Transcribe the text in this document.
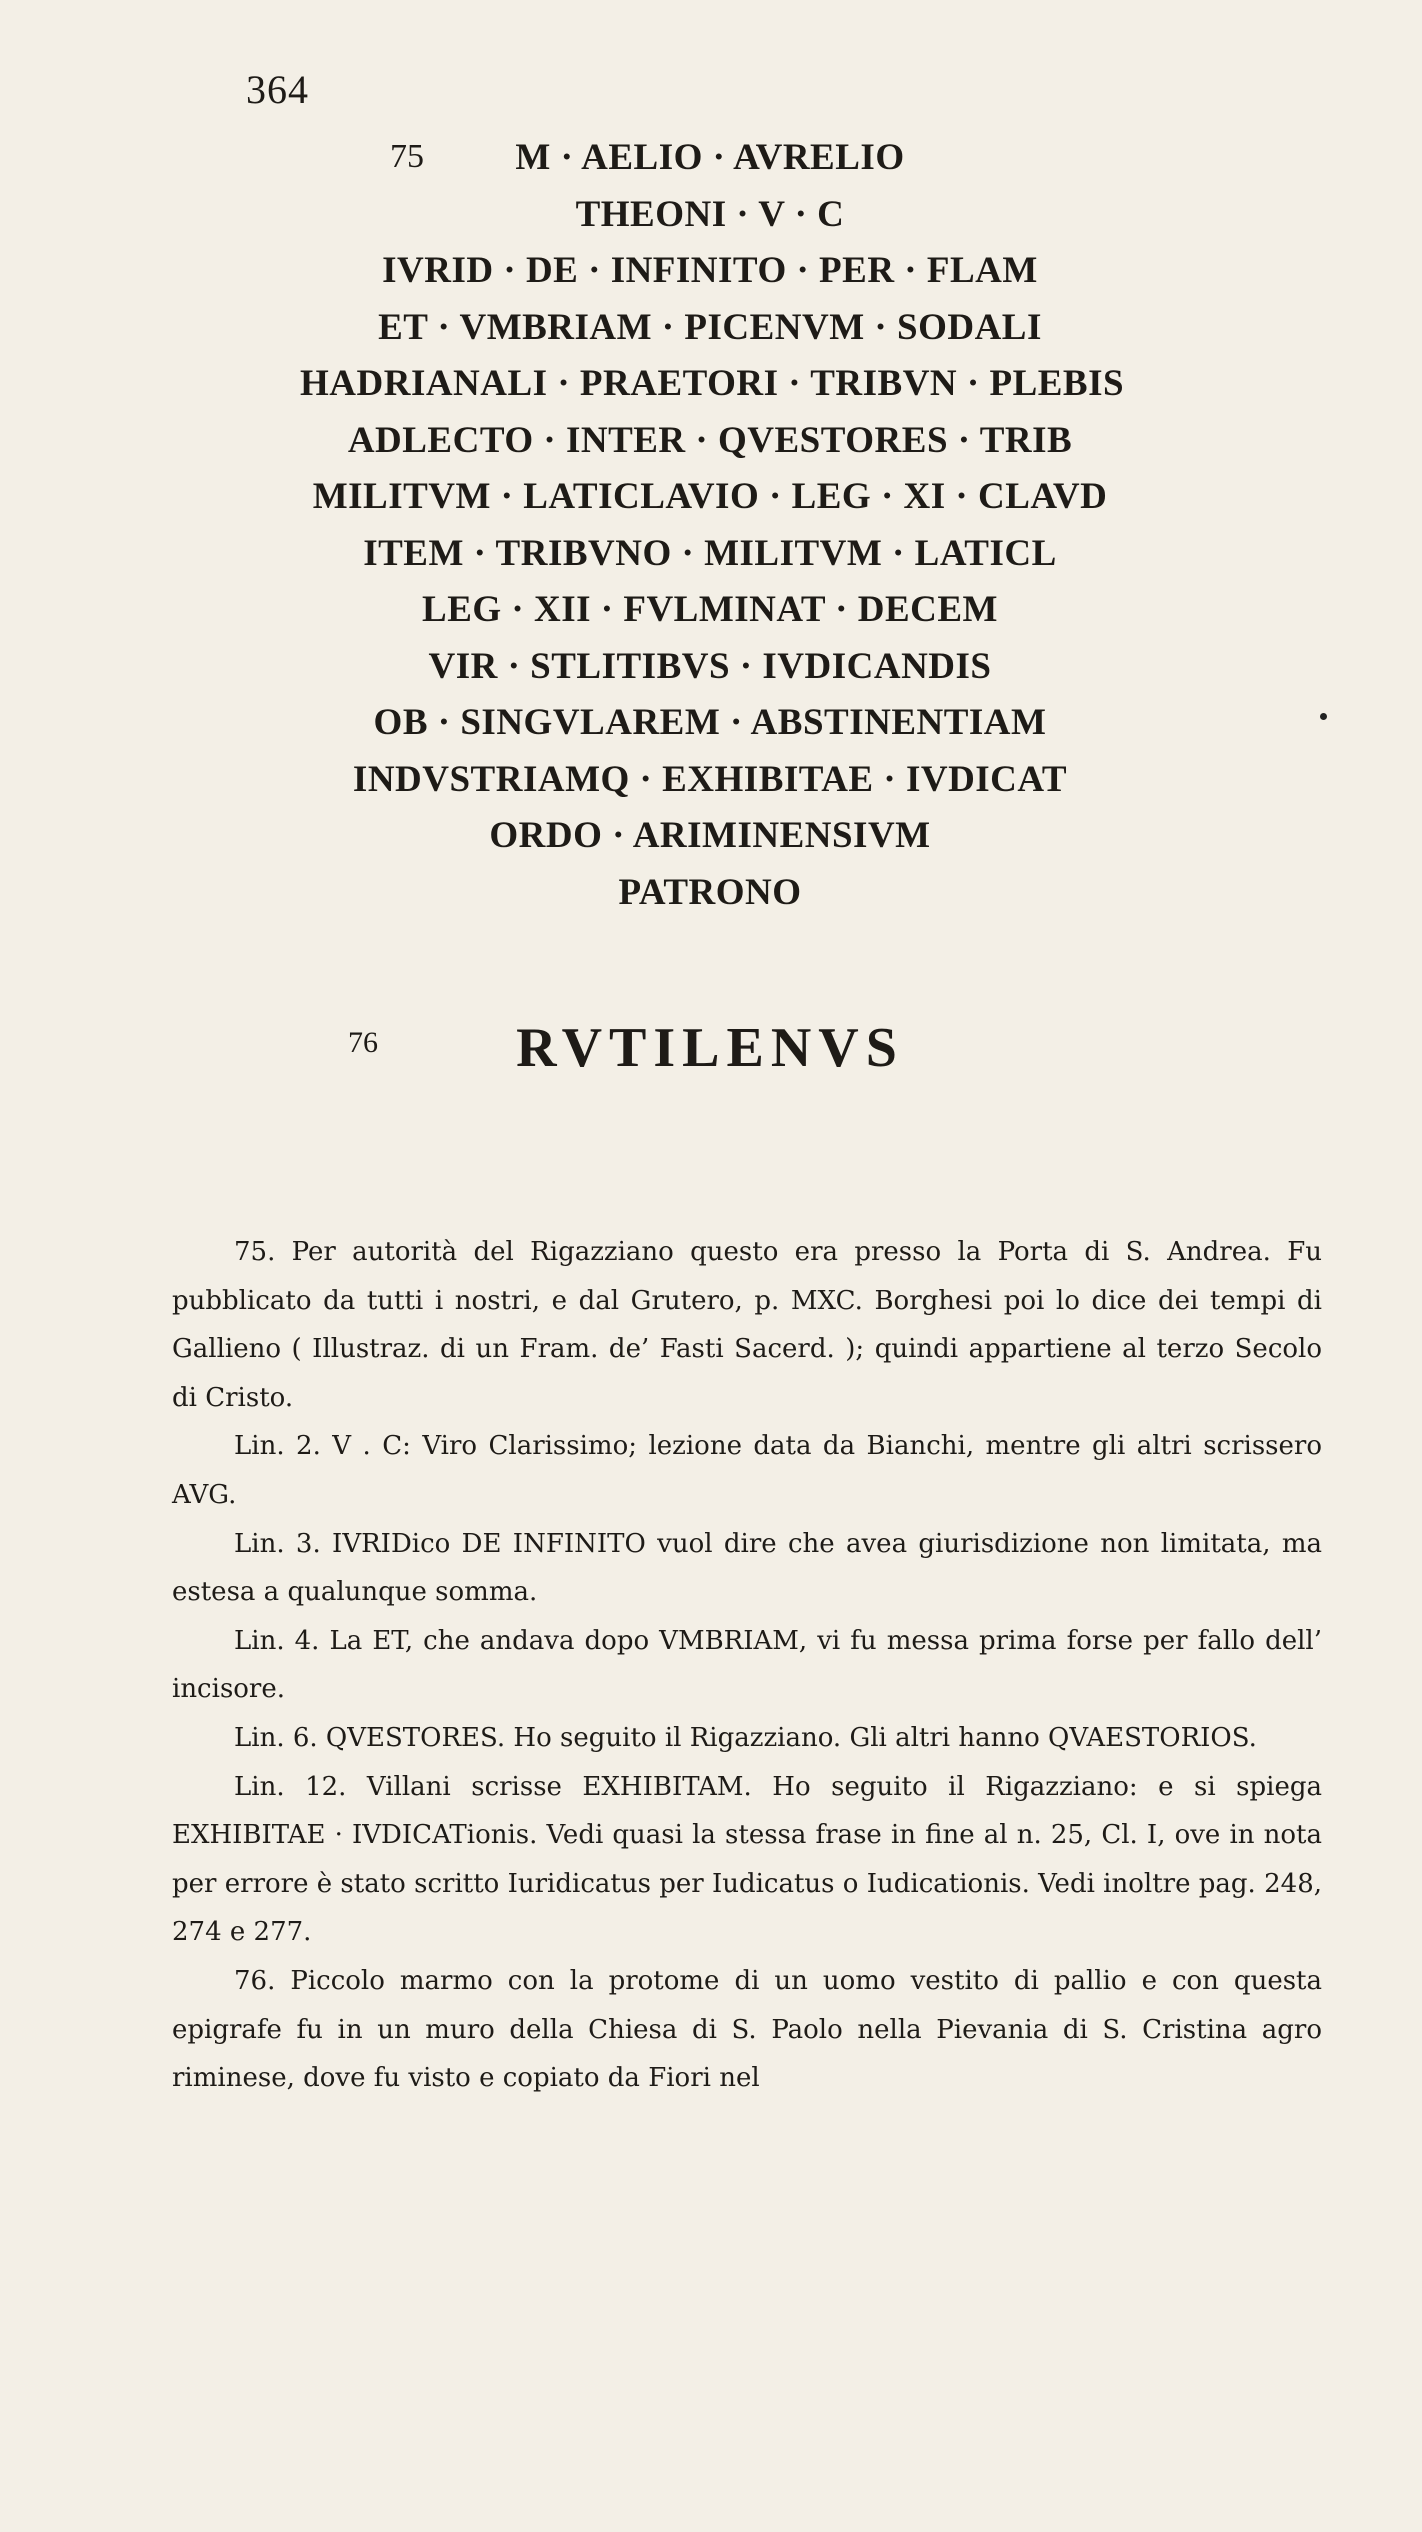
364
75	M · AELIO · AVRELIO
THEONI · V · C
IVRID · DE · INFINITO · PER · FLAM
ET · VMBRIAM · PICENVM · SODALI
HADRIANALI · PRAETORI · TRIBVN · PLEBIS
ADLECTO · INTER · QVESTORES · TRIB
MILITVM · LATICLAVIO · LEG · XI · CLAVD
ITEM · TRIBVNO · MILITVM · LATICL
LEG · XII · FVLMINAT · DECEM
VIR · STLITIBVS · IVDICANDIS
OB · SINGVLAREM · ABSTINENTIAM
INDVSTRIAMQ · EXHIBITAE · IVDICAT
ORDO · ARIMINENSIVM
PATRONO
76	RVTILENVS

75. Per autorità del Rigazziano questo era presso la Porta di S. Andrea. Fu pubblicato da tutti i nostri, e dal Grutero, p. MXC. Borghesi poi lo dice dei tempi di Gallieno ( Illustraz. di un Fram. de’ Fasti Sacerd. ); quindi appartiene al terzo Secolo di Cristo.

Lin. 2. V . C: Viro Clarissimo; lezione data da Bianchi, mentre gli altri scrissero AVG.

Lin. 3. IVRIDico DE INFINITO vuol dire che avea giurisdizione non limitata, ma estesa a qualunque somma.

Lin. 4. La ET, che andava dopo VMBRIAM, vi fu messa prima forse per fallo dell’ incisore.

Lin. 6. QVESTORES. Ho seguito il Rigazziano. Gli altri hanno QVAESTORIOS.

Lin. 12. Villani scrisse EXHIBITAM. Ho seguito il Rigazziano: e si spiega EXHIBITAE · IVDICATionis. Vedi quasi la stessa frase in fine al n. 25, Cl. I, ove in nota per errore è stato scritto Iuridicatus per Iudicatus o Iudicationis. Vedi inoltre pag. 248, 274 e 277.

76. Piccolo marmo con la protome di un uomo vestito di pallio e con questa epigrafe fu in un muro della Chiesa di S. Paolo nella Pievania di S. Cristina agro riminese, dove fu visto e copiato da Fiori nel
